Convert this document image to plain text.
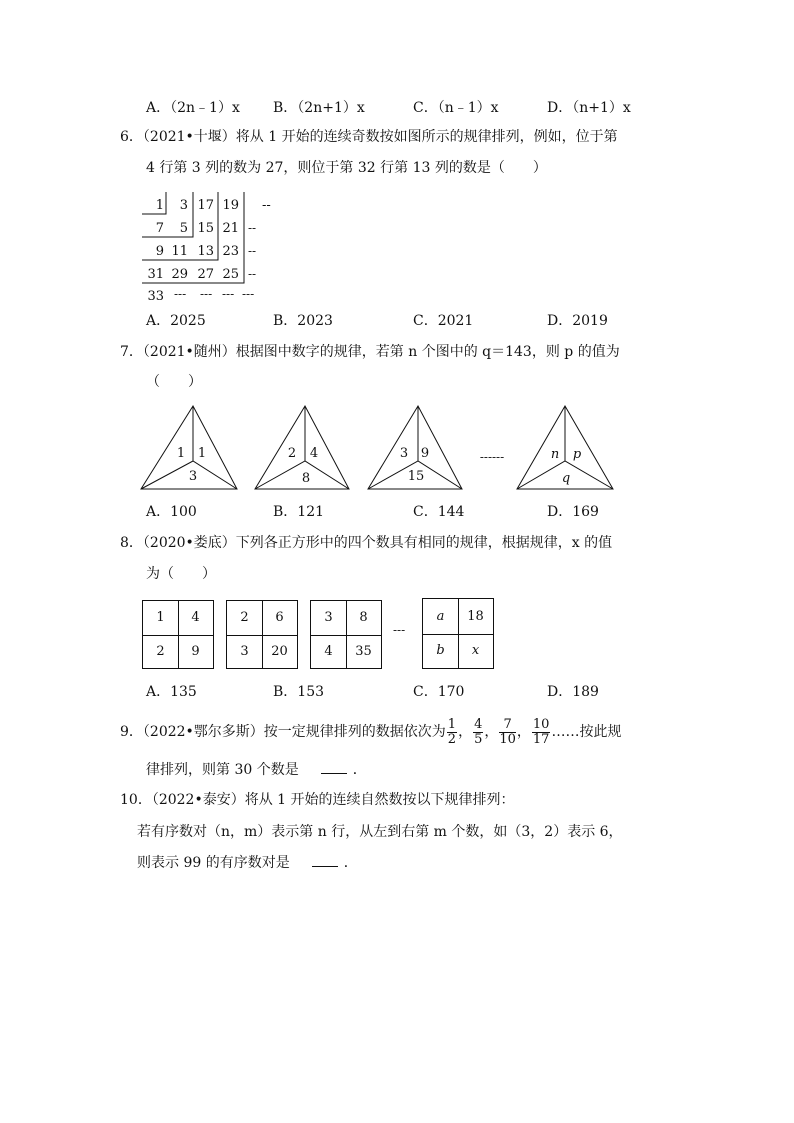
A．（2n﹣1）x B．（2n+1）x	C．（n﹣1）x	D．（n+1）x
6．（2021•十堰）将从 1 开始的连续奇数按如图所示的规律排列，例如，位于第
4 行第 3 列的数为 27，则位于第 32 行第 13 列的数是（　　）
1 3 17 19 --
7 5 15 21
9 11 13 23
31 29 27 25
33
--
--
--
--- --- --- ---
A．2025	B．2023	C．2021	D．2019
7．（2021•随州）根据图中数字的规律，若第 n 个图中的 q＝143，则 p 的值为
（　　）
1 1
3
2 4
8
3 9
15
n p
q
------
A．100	B．121	C．144	D．169
8．（2020•娄底）下列各正方形中的四个数具有相同的规律，根据规律，x 的值
为（　　）
1	4
2	9
2	6
3	20
3	8
4	35
---
a	18
b	x
A．135	B．153	C．170	D．189
9．（2022•鄂尔多斯）按一定规律排列的数据依次为 $\frac{1}{2}$ ， $\frac{4}{5}$ ， $\frac{7}{10}$ ， $\frac{10}{17}$ ……按此规
律排列，则第 30 个数是	．
10．（2022•泰安）将从 1 开始的连续自然数按以下规律排列：
若有序数对（n，m）表示第 n 行，从左到右第 m 个数，如（3，2）表示 6，
则表示 99 的有序数对是	．
